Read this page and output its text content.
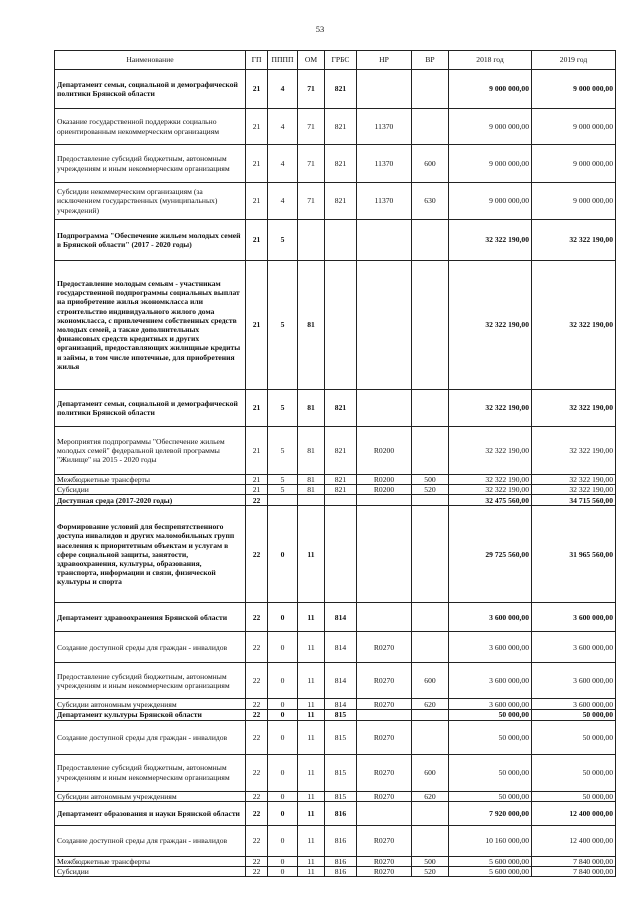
53
Наименование	ГП	ПППП	ОМ	ГРБС	НР	ВР	2018 год	2019 год
Департамент семьи, социальной и демографической политики Брянской области	21	4	71	821			9 000 000,00	9 000 000,00
Оказание государственной поддержки социально ориентированным некоммерческим организациям	21	4	71	821	11370		9 000 000,00	9 000 000,00
Предоставление субсидий бюджетным, автономным учреждениям и иным некоммерческим организациям	21	4	71	821	11370	600	9 000 000,00	9 000 000,00
Субсидии некоммерческим организациям (за исключением государственных (муниципальных) учреждений)	21	4	71	821	11370	630	9 000 000,00	9 000 000,00
Подпрограмма "Обеспечение жильем молодых семей в Брянской области" (2017 - 2020 годы)	21	5					32 322 190,00	32 322 190,00
Предоставление молодым семьям - участникам государственной подпрограммы социальных выплат на приобретение жилья экономкласса или строительство индивидуального жилого дома экономкласса, с привлечением собственных средств молодых семей, а также дополнительных финансовых средств кредитных и других организаций, предоставляющих жилищные кредиты и займы, в том числе ипотечные, для приобретения жилья	21	5	81				32 322 190,00	32 322 190,00
Департамент семьи, социальной и демографической политики Брянской области	21	5	81	821			32 322 190,00	32 322 190,00
Мероприятия подпрограммы "Обеспечение жильем молодых семей" федеральной целевой программы "Жилище" на 2015 - 2020 годы	21	5	81	821	R0200		32 322 190,00	32 322 190,00
Межбюджетные трансферты	21	5	81	821	R0200	500	32 322 190,00	32 322 190,00
Субсидии	21	5	81	821	R0200	520	32 322 190,00	32 322 190,00
Доступная среда (2017-2020 годы)	22						32 475 560,00	34 715 560,00
Формирование условий для беспрепятственного доступа инвалидов и других маломобильных групп населения к приоритетным объектам и услугам в сфере социальной защиты, занятости, здравоохранения, культуры, образования, транспорта, информации и связи, физической культуры и спорта	22	0	11				29 725 560,00	31 965 560,00
Департамент здравоохранения Брянской области	22	0	11	814			3 600 000,00	3 600 000,00
Создание доступной среды для граждан - инвалидов	22	0	11	814	R0270		3 600 000,00	3 600 000,00
Предоставление субсидий бюджетным, автономным учреждениям и иным некоммерческим организациям	22	0	11	814	R0270	600	3 600 000,00	3 600 000,00
Субсидии автономным учреждениям	22	0	11	814	R0270	620	3 600 000,00	3 600 000,00
Департамент культуры Брянской области	22	0	11	815			50 000,00	50 000,00
Создание доступной среды для граждан - инвалидов	22	0	11	815	R0270		50 000,00	50 000,00
Предоставление субсидий бюджетным, автономным учреждениям и иным некоммерческим организациям	22	0	11	815	R0270	600	50 000,00	50 000,00
Субсидии автономным учреждениям	22	0	11	815	R0270	620	50 000,00	50 000,00
Департамент образования и науки Брянской области	22	0	11	816			7 920 000,00	12 400 000,00
Создание доступной среды для граждан - инвалидов	22	0	11	816	R0270		10 160 000,00	12 400 000,00
Межбюджетные трансферты	22	0	11	816	R0270	500	5 600 000,00	7 840 000,00
Субсидии	22	0	11	816	R0270	520	5 600 000,00	7 840 000,00
